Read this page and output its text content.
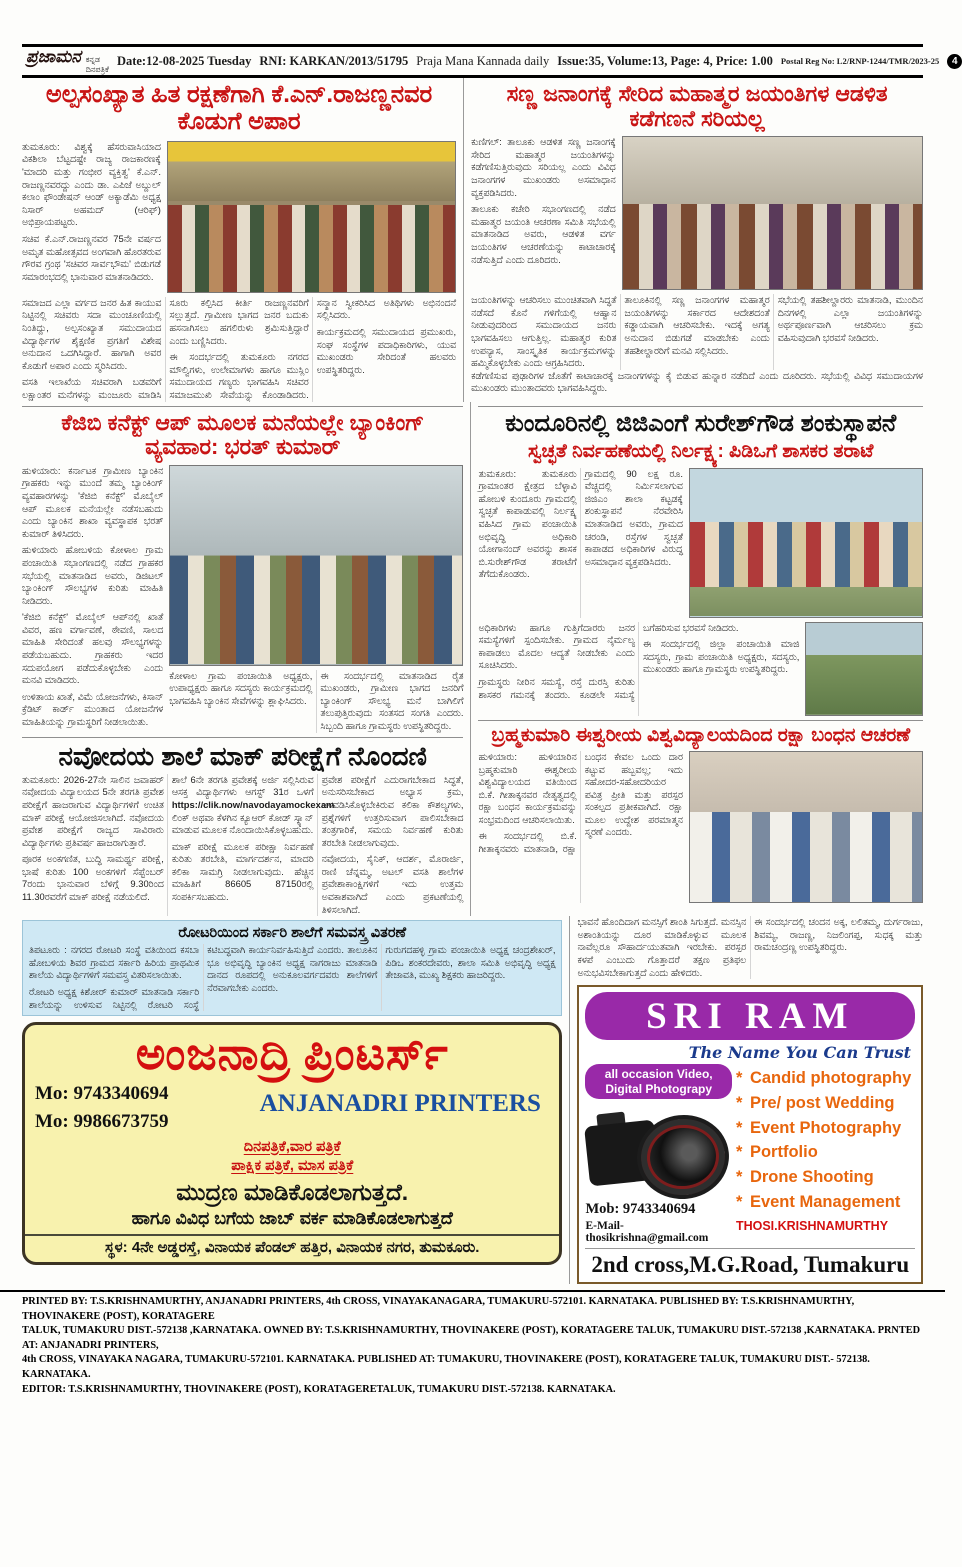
ಪ್ರಜಾಮನ ಕನ್ನಡ ದಿನಪತ್ರಿಕೆ
Date:12-08-2025 Tuesday RNI: KARKAN/2013/51795 Praja Mana Kannada daily Issue:35, Volume:13, Page: 4, Price: 1.00 Postal Reg No: L2/RNP-1244/TMR/2023-25	4
ಅಲ್ಪಸಂಖ್ಯಾತ ಹಿತ ರಕ್ಷಣೆಗಾಗಿ ಕೆ.ಎನ್.ರಾಜಣ್ಣನವರ ಕೊಡುಗೆ ಅಪಾರ

ತುಮಕೂರು: ವಿಶ್ವಕ್ಕೆ ಹೆಸರುವಾಸಿಯಾದ ವಿಕಶಿಲಾ ಬೆಟ್ಟದಷ್ಟೇ ರಾಜ್ಯ ರಾಜಕಾರಣಕ್ಕೆ 'ಮಾದರಿ ಮತ್ತು ಗಂಭೀರ ವ್ಯಕ್ತಿತ್ವ' ಕೆ.ಎನ್. ರಾಜಣ್ಣನವರದ್ದು ಎಂದು ಡಾ. ಎಪಿಜೆ ಅಬ್ದುಲ್ ಕಲಾಂ ಫೌಂಡೇಷನ್ ಆಂಡ್ ಅಕ್ಯಾಡೆಮಿ ಅಧ್ಯಕ್ಷ ನಿಸಾರ್ ಅಹಮದ್ (ಆರಿಫ್) ಅಭಿಪ್ರಾಯಪಟ್ಟರು.

ಸಚಿವ ಕೆ.ಎನ್.ರಾಜಣ್ಣನವರ 75ನೇ ವರ್ಷದ ಅಮೃತ ಮಹೋತ್ಸವದ ಅಂಗವಾಗಿ ಹೊರತರುವ ಗೌರವ ಗ್ರಂಥ 'ಸಚಿವರ ಸಾರ್ವಭೌಮ' ಬಿಡುಗಡೆ ಸಮಾರಂಭದಲ್ಲಿ ಭಾನುವಾರ ಮಾತನಾಡಿದರು.

ಸಮಾಜದ ಎಲ್ಲಾ ವರ್ಗದ ಜನರ ಹಿತ ಕಾಯುವ ನಿಟ್ಟಿನಲ್ಲಿ ಸಚಿವರು ಸದಾ ಮುಂಚೂಣಿಯಲ್ಲಿ ನಿಂತಿದ್ದು, ಅಲ್ಪಸಂಖ್ಯಾತ ಸಮುದಾಯದ ವಿದ್ಯಾರ್ಥಿಗಳ ಶೈಕ್ಷಣಿಕ ಪ್ರಗತಿಗೆ ವಿಶೇಷ ಅನುದಾನ ಒದಗಿಸಿದ್ದಾರೆ. ಹಾಗಾಗಿ ಅವರ ಕೊಡುಗೆ ಅಪಾರ ಎಂದು ಸ್ಮರಿಸಿದರು.

ವಸತಿ ಇಲಾಖೆಯ ಸಚಿವರಾಗಿ ಬಡವರಿಗೆ ಲಕ್ಷಾಂತರ ಮನೆಗಳನ್ನು ಮಂಜೂರು ಮಾಡಿಸಿ ಸೂರು ಕಲ್ಪಿಸಿದ ಕೀರ್ತಿ ರಾಜಣ್ಣನವರಿಗೆ ಸಲ್ಲುತ್ತದೆ. ಗ್ರಾಮೀಣ ಭಾಗದ ಜನರ ಬದುಕು ಹಸನಾಗಿಸಲು ಹಗಲಿರುಳು ಶ್ರಮಿಸುತ್ತಿದ್ದಾರೆ ಎಂದು ಬಣ್ಣಿಸಿದರು.

ಈ ಸಂದರ್ಭದಲ್ಲಿ ತುಮಕೂರು ನಗರದ ಮೌಲ್ವಿಗಳು, ಉಲೇಮಾಗಳು ಹಾಗೂ ಮುಸ್ಲಿಂ ಸಮುದಾಯದ ಗಣ್ಯರು ಭಾಗವಹಿಸಿ ಸಚಿವರ ಸಮಾಜಮುಖಿ ಸೇವೆಯನ್ನು ಕೊಂಡಾಡಿದರು. ಸನ್ಮಾನ ಸ್ವೀಕರಿಸಿದ ಅತಿಥಿಗಳು ಅಭಿನಂದನೆ ಸಲ್ಲಿಸಿದರು.

ಕಾರ್ಯಕ್ರಮದಲ್ಲಿ ಸಮುದಾಯದ ಪ್ರಮುಖರು, ಸಂಘ ಸಂಸ್ಥೆಗಳ ಪದಾಧಿಕಾರಿಗಳು, ಯುವ ಮುಖಂಡರು ಸೇರಿದಂತೆ ಹಲವರು ಉಪಸ್ಥಿತರಿದ್ದರು.

ಸಣ್ಣ ಜನಾಂಗಕ್ಕೆ ಸೇರಿದ ಮಹಾತ್ಮರ ಜಯಂತಿಗಳ ಆಡಳಿತ ಕಡೆಗಣನೆ ಸರಿಯಲ್ಲ

ಕುಣಿಗಲ್: ತಾಲೂಕು ಆಡಳಿತ ಸಣ್ಣ ಜನಾಂಗಕ್ಕೆ ಸೇರಿದ ಮಹಾತ್ಮರ ಜಯಂತಿಗಳನ್ನು ಕಡೆಗಣಿಸುತ್ತಿರುವುದು ಸರಿಯಲ್ಲ ಎಂದು ವಿವಿಧ ಜನಾಂಗಗಳ ಮುಖಂಡರು ಅಸಮಾಧಾನ ವ್ಯಕ್ತಪಡಿಸಿದರು.

ತಾಲೂಕು ಕಚೇರಿ ಸಭಾಂಗಣದಲ್ಲಿ ನಡೆದ ಮಹಾತ್ಮರ ಜಯಂತಿ ಆಚರಣಾ ಸಮಿತಿ ಸಭೆಯಲ್ಲಿ ಮಾತನಾಡಿದ ಅವರು, ಆಡಳಿತ ವರ್ಗ ಜಯಂತಿಗಳ ಆಚರಣೆಯನ್ನು ಕಾಟಾಚಾರಕ್ಕೆ ನಡೆಸುತ್ತಿದೆ ಎಂದು ದೂರಿದರು.

ಜಯಂತಿಗಳನ್ನು ಆಚರಿಸಲು ಮುಂಚಿತವಾಗಿ ಸಿದ್ಧತೆ ನಡೆಸದೆ ಕೊನೆ ಗಳಿಗೆಯಲ್ಲಿ ಆಹ್ವಾನ ನೀಡುವುದರಿಂದ ಸಮುದಾಯದ ಜನರು ಭಾಗವಹಿಸಲು ಆಗುತ್ತಿಲ್ಲ. ಮಹಾತ್ಮರ ಕುರಿತ ಉಪನ್ಯಾಸ, ಸಾಂಸ್ಕೃತಿಕ ಕಾರ್ಯಕ್ರಮಗಳನ್ನು ಹಮ್ಮಿಕೊಳ್ಳಬೇಕು ಎಂದು ಆಗ್ರಹಿಸಿದರು.

ತಾಲೂಕಿನಲ್ಲಿ ಸಣ್ಣ ಜನಾಂಗಗಳ ಮಹಾತ್ಮರ ಜಯಂತಿಗಳನ್ನು ಸರ್ಕಾರದ ಆದೇಶದಂತೆ ಕಡ್ಡಾಯವಾಗಿ ಆಚರಿಸಬೇಕು. ಇದಕ್ಕೆ ಅಗತ್ಯ ಅನುದಾನ ಬಿಡುಗಡೆ ಮಾಡಬೇಕು ಎಂದು ತಹಶೀಲ್ದಾರರಿಗೆ ಮನವಿ ಸಲ್ಲಿಸಿದರು.

ಸಭೆಯಲ್ಲಿ ತಹಶೀಲ್ದಾರರು ಮಾತನಾಡಿ, ಮುಂದಿನ ದಿನಗಳಲ್ಲಿ ಎಲ್ಲಾ ಜಯಂತಿಗಳನ್ನು ಅರ್ಥಪೂರ್ಣವಾಗಿ ಆಚರಿಸಲು ಕ್ರಮ ವಹಿಸುವುದಾಗಿ ಭರವಸೆ ನೀಡಿದರು.

ಕಡೆಗಣಿಸುವ ಪುಢಾರಿಗಳ ಜೊತೆಗೆ ಕಾಟಾಚಾರಕ್ಕೆ ಜನಾಂಗಗಳನ್ನು ಕೈ ಬಿಡುವ ಹುನ್ನಾರ ನಡೆದಿದೆ ಎಂದು ದೂರಿದರು. ಸಭೆಯಲ್ಲಿ ವಿವಿಧ ಸಮುದಾಯಗಳ ಮುಖಂಡರು ಮುಂತಾದವರು ಭಾಗವಹಿಸಿದ್ದರು.

ಕೆಜಿಬಿ ಕನೆಕ್ಟ್ ಆಪ್ ಮೂಲಕ ಮನೆಯಲ್ಲೇ ಬ್ಯಾಂಕಿಂಗ್ ವ್ಯವಹಾರ: ಭರತ್ ಕುಮಾರ್

ಹುಳಿಯಾರು: ಕರ್ನಾಟಕ ಗ್ರಾಮೀಣ ಬ್ಯಾಂಕಿನ ಗ್ರಾಹಕರು ಇನ್ನು ಮುಂದೆ ತಮ್ಮ ಬ್ಯಾಂಕಿಂಗ್ ವ್ಯವಹಾರಗಳನ್ನು 'ಕೆಜಿಬಿ ಕನೆಕ್ಟ್' ಮೊಬೈಲ್ ಆಪ್ ಮೂಲಕ ಮನೆಯಲ್ಲೇ ನಡೆಸಬಹುದು ಎಂದು ಬ್ಯಾಂಕಿನ ಶಾಖಾ ವ್ಯವಸ್ಥಾಪಕ ಭರತ್ ಕುಮಾರ್ ತಿಳಿಸಿದರು.

ಹುಳಿಯಾರು ಹೋಬಳಿಯ ಕೋಳಾಲ ಗ್ರಾಮ ಪಂಚಾಯಿತಿ ಸಭಾಂಗಣದಲ್ಲಿ ನಡೆದ ಗ್ರಾಹಕರ ಸಭೆಯಲ್ಲಿ ಮಾತನಾಡಿದ ಅವರು, ಡಿಜಿಟಲ್ ಬ್ಯಾಂಕಿಂಗ್ ಸೌಲಭ್ಯಗಳ ಕುರಿತು ಮಾಹಿತಿ ನೀಡಿದರು.

'ಕೆಜಿಬಿ ಕನೆಕ್ಟ್' ಮೊಬೈಲ್ ಆಪ್‌ನಲ್ಲಿ ಖಾತೆ ವಿವರ, ಹಣ ವರ್ಗಾವಣೆ, ಠೇವಣಿ, ಸಾಲದ ಮಾಹಿತಿ ಸೇರಿದಂತೆ ಹಲವು ಸೌಲಭ್ಯಗಳನ್ನು ಪಡೆಯಬಹುದು. ಗ್ರಾಹಕರು ಇದರ ಸದುಪಯೋಗ ಪಡೆದುಕೊಳ್ಳಬೇಕು ಎಂದು ಮನವಿ ಮಾಡಿದರು.

ಉಳಿತಾಯ ಖಾತೆ, ವಿಮೆ ಯೋಜನೆಗಳು, ಕಿಸಾನ್ ಕ್ರೆಡಿಟ್ ಕಾರ್ಡ್ ಮುಂತಾದ ಯೋಜನೆಗಳ ಮಾಹಿತಿಯನ್ನು ಗ್ರಾಮಸ್ಥರಿಗೆ ನೀಡಲಾಯಿತು.

ಕೋಳಾಲ ಗ್ರಾಮ ಪಂಚಾಯಿತಿ ಅಧ್ಯಕ್ಷರು, ಉಪಾಧ್ಯಕ್ಷರು ಹಾಗೂ ಸದಸ್ಯರು ಕಾರ್ಯಕ್ರಮದಲ್ಲಿ ಭಾಗವಹಿಸಿ ಬ್ಯಾಂಕಿನ ಸೇವೆಗಳನ್ನು ಶ್ಲಾಘಿಸಿದರು.

ಈ ಸಂದರ್ಭದಲ್ಲಿ ಮಾತನಾಡಿದ ರೈತ ಮುಖಂಡರು, ಗ್ರಾಮೀಣ ಭಾಗದ ಜನರಿಗೆ ಬ್ಯಾಂಕಿಂಗ್ ಸೌಲಭ್ಯ ಮನೆ ಬಾಗಿಲಿಗೆ ತಲುಪುತ್ತಿರುವುದು ಸಂತಸದ ಸಂಗತಿ ಎಂದರು. ಸಿಬ್ಬಂದಿ ಹಾಗೂ ಗ್ರಾಮಸ್ಥರು ಉಪಸ್ಥಿತರಿದ್ದರು.

ನವೋದಯ ಶಾಲೆ ಮಾಕ್ ಪರೀಕ್ಷೆಗೆ ನೊಂದಣಿ

ತುಮಕೂರು: 2026-27ನೇ ಸಾಲಿನ ಜವಾಹರ್ ನವೋದಯ ವಿದ್ಯಾಲಯದ 5ನೇ ತರಗತಿ ಪ್ರವೇಶ ಪರೀಕ್ಷೆಗೆ ಹಾಜರಾಗುವ ವಿದ್ಯಾರ್ಥಿಗಳಿಗೆ ಉಚಿತ ಮಾಕ್ ಪರೀಕ್ಷೆ ಆಯೋಜಿಸಲಾಗಿದೆ. ನವೋದಯ ಪ್ರವೇಶ ಪರೀಕ್ಷೆಗೆ ರಾಜ್ಯದ ಸಾವಿರಾರು ವಿದ್ಯಾರ್ಥಿಗಳು ಪ್ರತಿವರ್ಷ ಹಾಜರಾಗುತ್ತಾರೆ.

ಪೂರಕ ಅಂಕಗಣಿತ, ಬುದ್ಧಿ ಸಾಮರ್ಥ್ಯ ಪರೀಕ್ಷೆ, ಭಾಷೆ ಕುರಿತು 100 ಅಂಕಗಳಿಗೆ ಸೆಪ್ಟೆಂಬರ್ 7ರಂದು ಭಾನುವಾರ ಬೆಳಿಗ್ಗೆ 9.30ರಿಂದ 11.30ರವರೆಗೆ ಮಾಕ್ ಪರೀಕ್ಷೆ ನಡೆಯಲಿದೆ.

ಶಾಲೆ 6ನೇ ತರಗತಿ ಪ್ರವೇಶಕ್ಕೆ ಅರ್ಜಿ ಸಲ್ಲಿಸಿರುವ ಆಸಕ್ತ ವಿದ್ಯಾರ್ಥಿಗಳು ಆಗಸ್ಟ್ 31ರ ಒಳಗೆ https://clik.now/navodayamockexam ಲಿಂಕ್ ಅಥವಾ ಕೆಳಗಿನ ಕ್ಯೂಆರ್ ಕೋಡ್ ಸ್ಕ್ಯಾನ್ ಮಾಡುವ ಮೂಲಕ ನೊಂದಾಯಿಸಿಕೊಳ್ಳಬಹುದು.

ಮಾಕ್ ಪರೀಕ್ಷೆ ಮೂಲಕ ಪರೀಕ್ಷಾ ನಿರ್ವಹಣೆ ಕುರಿತು ತರಬೇತಿ, ಮಾರ್ಗದರ್ಶನ, ಮಾದರಿ ಕಲಿಕಾ ಸಾಮಗ್ರಿ ನೀಡಲಾಗುವುದು. ಹೆಚ್ಚಿನ ಮಾಹಿತಿಗೆ 86605 87150ರಲ್ಲಿ ಸಂಪರ್ಕಿಸಬಹುದು.

ಪ್ರವೇಶ ಪರೀಕ್ಷೆಗೆ ಎದುರಾಗಬೇಕಾದ ಸಿದ್ಧತೆ, ಅನುಸರಿಸಬೇಕಾದ ಅಭ್ಯಾಸ ಕ್ರಮ, ಅಳವಡಿಸಿಕೊಳ್ಳಬೇಕಿರುವ ಕಲಿಕಾ ಕೌಶಲ್ಯಗಳು, ಪ್ರಶ್ನೆಗಳಿಗೆ ಉತ್ತರಿಸುವಾಗ ಪಾಲಿಸಬೇಕಾದ ತಂತ್ರಗಾರಿಕೆ, ಸಮಯ ನಿರ್ವಹಣೆ ಕುರಿತು ತರಬೇತಿ ನೀಡಲಾಗುವುದು.

ನವೋದಯ, ಸೈನಿಕ್, ಆದರ್ಶ, ಮೊರಾರ್ಜಿ, ರಾಣಿ ಚೆನ್ನಮ್ಮ, ಅಟಲ್ ವಸತಿ ಶಾಲೆಗಳ ಪ್ರವೇಶಾಕಾಂಕ್ಷಿಗಳಿಗೆ ಇದು ಉತ್ತಮ ಅವಕಾಶವಾಗಿದೆ ಎಂದು ಪ್ರಕಟಣೆಯಲ್ಲಿ ತಿಳಿಸಲಾಗಿದೆ.

ಕುಂದೂರಿನಲ್ಲಿ ಜಿಜಿಎಂಗೆ ಸುರೇಶ್‌ಗೌಡ ಶಂಕುಸ್ಥಾಪನೆ
ಸ್ವಚ್ಛತೆ ನಿರ್ವಹಣೆಯಲ್ಲಿ ನಿರ್ಲಕ್ಷ್ಯ: ಪಿಡಿಒಗೆ ಶಾಸಕರ ತರಾಟೆ

ತುಮಕೂರು: ತುಮಕೂರು ಗ್ರಾಮಾಂತರ ಕ್ಷೇತ್ರದ ಬೆಳ್ಳಾವಿ ಹೋಬಳಿ ಕುಂದೂರು ಗ್ರಾಮದಲ್ಲಿ ಸ್ವಚ್ಛತೆ ಕಾಪಾಡುವಲ್ಲಿ ನಿರ್ಲಕ್ಷ್ಯ ವಹಿಸಿದ ಗ್ರಾಮ ಪಂಚಾಯಿತಿ ಅಭಿವೃದ್ಧಿ ಅಧಿಕಾರಿ ಯೋಗಾನಂದ್ ಅವರನ್ನು ಶಾಸಕ ಬಿ.ಸುರೇಶ್‌ಗೌಡ ತರಾಟೆಗೆ ತೆಗೆದುಕೊಂಡರು.

ಗ್ರಾಮದಲ್ಲಿ 90 ಲಕ್ಷ ರೂ. ವೆಚ್ಚದಲ್ಲಿ ನಿರ್ಮಿಸಲಾಗುವ ಜಿಜಿಎಂ ಶಾಲಾ ಕಟ್ಟಡಕ್ಕೆ ಶಂಕುಸ್ಥಾಪನೆ ನೆರವೇರಿಸಿ ಮಾತನಾಡಿದ ಅವರು, ಗ್ರಾಮದ ಚರಂಡಿ, ರಸ್ತೆಗಳ ಸ್ವಚ್ಛತೆ ಕಾಪಾಡದ ಅಧಿಕಾರಿಗಳ ವಿರುದ್ಧ ಅಸಮಾಧಾನ ವ್ಯಕ್ತಪಡಿಸಿದರು.

ಅಧಿಕಾರಿಗಳು ಹಾಗೂ ಗುತ್ತಿಗೆದಾರರು ಜನರ ಸಮಸ್ಯೆಗಳಿಗೆ ಸ್ಪಂದಿಸಬೇಕು. ಗ್ರಾಮದ ನೈರ್ಮಲ್ಯ ಕಾಪಾಡಲು ಮೊದಲ ಆದ್ಯತೆ ನೀಡಬೇಕು ಎಂದು ಸೂಚಿಸಿದರು.

ಗ್ರಾಮಸ್ಥರು ನೀರಿನ ಸಮಸ್ಯೆ, ರಸ್ತೆ ದುರಸ್ತಿ ಕುರಿತು ಶಾಸಕರ ಗಮನಕ್ಕೆ ತಂದರು. ಕೂಡಲೇ ಸಮಸ್ಯೆ ಬಗೆಹರಿಸುವ ಭರವಸೆ ನೀಡಿದರು.

ಈ ಸಂದರ್ಭದಲ್ಲಿ ಜಿಲ್ಲಾ ಪಂಚಾಯಿತಿ ಮಾಜಿ ಸದಸ್ಯರು, ಗ್ರಾಮ ಪಂಚಾಯಿತಿ ಅಧ್ಯಕ್ಷರು, ಸದಸ್ಯರು, ಮುಖಂಡರು ಹಾಗೂ ಗ್ರಾಮಸ್ಥರು ಉಪಸ್ಥಿತರಿದ್ದರು.

ಬ್ರಹ್ಮಕುಮಾರಿ ಈಶ್ವರೀಯ ವಿಶ್ವವಿದ್ಯಾಲಯದಿಂದ ರಕ್ಷಾ ಬಂಧನ ಆಚರಣೆ

ಹುಳಿಯಾರು: ಹುಳಿಯಾರಿನ ಬ್ರಹ್ಮಕುಮಾರಿ ಈಶ್ವರೀಯ ವಿಶ್ವವಿದ್ಯಾಲಯದ ವತಿಯಿಂದ ಬಿ.ಕೆ. ಗೀತಾಕ್ಕನವರ ನೇತೃತ್ವದಲ್ಲಿ ರಕ್ಷಾ ಬಂಧನ ಕಾರ್ಯಕ್ರಮವನ್ನು ಸಂಭ್ರಮದಿಂದ ಆಚರಿಸಲಾಯಿತು.

ಈ ಸಂದರ್ಭದಲ್ಲಿ ಬಿ.ಕೆ. ಗೀತಾಕ್ಕನವರು ಮಾತನಾಡಿ, ರಕ್ಷಾ ಬಂಧನ ಕೇವಲ ಒಂದು ದಾರ ಕಟ್ಟುವ ಹಬ್ಬವಲ್ಲ; ಇದು ಸಹೋದರ-ಸಹೋದರಿಯರ ಪವಿತ್ರ ಪ್ರೀತಿ ಮತ್ತು ಪರಸ್ಪರ ಸಂಕಲ್ಪದ ಪ್ರತೀಕವಾಗಿದೆ. ರಕ್ಷಾ ಮೂಲ ಉದ್ದೇಶ ಪರಮಾತ್ಮನ ಸ್ಮರಣೆ ಎಂದರು.

ರೋಟರಿಯಿಂದ ಸರ್ಕಾರಿ ಶಾಲೆಗೆ ಸಮವಸ್ತ್ರ ವಿತರಣೆ

ತಿಪಟೂರು : ನಗರದ ರೋಟರಿ ಸಂಸ್ಥೆ ವತಿಯಿಂದ ಕಸಬಾ ಹೋಬಳಿಯ ಶಿವರ ಗ್ರಾಮದ ಸರ್ಕಾರಿ ಹಿರಿಯ ಪ್ರಾಥಮಿಕ ಶಾಲೆಯ ವಿದ್ಯಾರ್ಥಿಗಳಿಗೆ ಸಮವಸ್ತ್ರ ವಿತರಿಸಲಾಯಿತು.

ರೋಟರಿ ಅಧ್ಯಕ್ಷ ಕಿಶೋರ್ ಕುಮಾರ್ ಮಾತನಾಡಿ ಸರ್ಕಾರಿ ಶಾಲೆಯನ್ನು ಉಳಿಸುವ ನಿಟ್ಟಿನಲ್ಲಿ ರೋಟರಿ ಸಂಸ್ಥೆ ಕಟಿಬದ್ಧವಾಗಿ ಕಾರ್ಯನಿರ್ವಹಿಸುತ್ತಿದೆ ಎಂದರು. ತಾಲೂಕಿನ ಭೂ ಅಭಿವೃದ್ಧಿ ಬ್ಯಾಂಕಿನ ಅಧ್ಯಕ್ಷ ನಾಗರಾಜು ಮಾತನಾಡಿ ದಾನದ ರೂಪದಲ್ಲಿ ಅನುಕೂಲವರ್ಗದವರು ಶಾಲೆಗಳಿಗೆ ನೆರವಾಗಬೇಕು ಎಂದರು.

ಗುರುಗದಹಳ್ಳಿ ಗ್ರಾಮ ಪಂಚಾಯಿತಿ ಅಧ್ಯಕ್ಷ ಚಂದ್ರಶೇಖರ್, ಪಿಡಿಒ ಶಂಕರದೇವರು, ಶಾಲಾ ಸಮಿತಿ ಅಭಿವೃದ್ಧಿ ಅಧ್ಯಕ್ಷ ತೇಜಾವತಿ, ಮುಖ್ಯ ಶಿಕ್ಷಕರು ಹಾಜರಿದ್ದರು.

ಅಂಜನಾದ್ರಿ ಪ್ರಿಂಟರ್ಸ್
Mo: 9743340694
Mo: 9986673759
ANJANADRI PRINTERS
ದಿನಪತ್ರಿಕೆ,ವಾರ ಪತ್ರಿಕೆ
ಪಾಕ್ಷಿಕ ಪತ್ರಿಕೆ, ಮಾಸ ಪತ್ರಿಕೆ
ಮುದ್ರಣ ಮಾಡಿಕೊಡಲಾಗುತ್ತದೆ.
ಹಾಗೂ ವಿವಿಧ ಬಗೆಯ ಜಾಬ್ ವರ್ಕ ಮಾಡಿಕೊಡಲಾಗುತ್ತದೆ
ಸ್ಥಳ: 4ನೇ ಅಡ್ಡರಸ್ತೆ, ವಿನಾಯಕ ಪೆಂಡಲ್ ಹತ್ತಿರ, ವಿನಾಯಕ ನಗರ, ತುಮಕೂರು.

ಭಾವನೆ ಹೊಂದಿದಾಗ ಮನಸ್ಸಿಗೆ ಶಾಂತಿ ಸಿಗುತ್ತದೆ. ಮನಸ್ಸಿನ ಅಶಾಂತಿಯನ್ನು ದೂರ ಮಾಡಿಕೊಳ್ಳುವ ಮೂಲಕ ನಾವೆಲ್ಲರೂ ಸೌಹಾರ್ದಯುತವಾಗಿ ಇರಬೇಕು. ಪರಸ್ಪರ ಕಳಪೆ ಎಂಬುದು ಗೊತ್ತಾದರೆ ತಕ್ಷಣ ಪ್ರತಿಫಲ ಅನುಭವಿಸಬೇಕಾಗುತ್ತದೆ ಎಂದು ಹೇಳಿದರು.

ಈ ಸಂದರ್ಭದಲ್ಲಿ ಚಂದನ ಅಕ್ಕ, ಲಲಿತಮ್ಮ, ದುರ್ಗರಾಜು, ಶಿವಮ್ಯ, ರಾಜಣ್ಣ, ನಿಜಲಿಂಗಪ್ಪ, ಸುಧಕ್ಕ ಮತ್ತು ರಾಮಚಂದ್ರಣ್ಣ ಉಪಸ್ಥಿತರಿದ್ದರು.

SRI RAM
The Name You Can Trust
all occasion Video,
Digital Photograpy
Mob: 9743340694
E-Mail-thosikrishna@gmail.com
* Candid photography
* Pre/ post Wedding
* Event Photography
* Portfolio
* Drone Shooting
* Event Management
THOSI.KRISHNAMURTHY
2nd cross,M.G.Road, Tumakuru

PRINTED BY: T.S.KRISHNAMURTHY, ANJANADRI PRINTERS, 4th CROSS, VINAYAKANAGARA, TUMAKURU-572101. KARNATAKA. PUBLISHED BY: T.S.KRISHNAMURTHY, THOVINAKERE (POST), KORATAGERE

TALUK, TUMAKURU DIST.-572138 ,KARNATAKA. OWNED BY: T.S.KRISHNAMURTHY, THOVINAKERE (POST), KORATAGERE TALUK, TUMAKURU DIST.-572138 ,KARNATAKA. PRNTED AT: ANJANADRI PRINTERS,

4th CROSS, VINAYAKA NAGARA, TUMAKURU-572101. KARNATAKA. PUBLISHED AT: TUMAKURU, THOVINAKERE (POST), KORATAGERE TALUK, TUMAKURU DIST.- 572138. KARNATAKA.

EDITOR: T.S.KRISHNAMURTHY, THOVINAKERE (POST), KORATAGERETALUK, TUMAKURU DIST.-572138. KARNATAKA.
